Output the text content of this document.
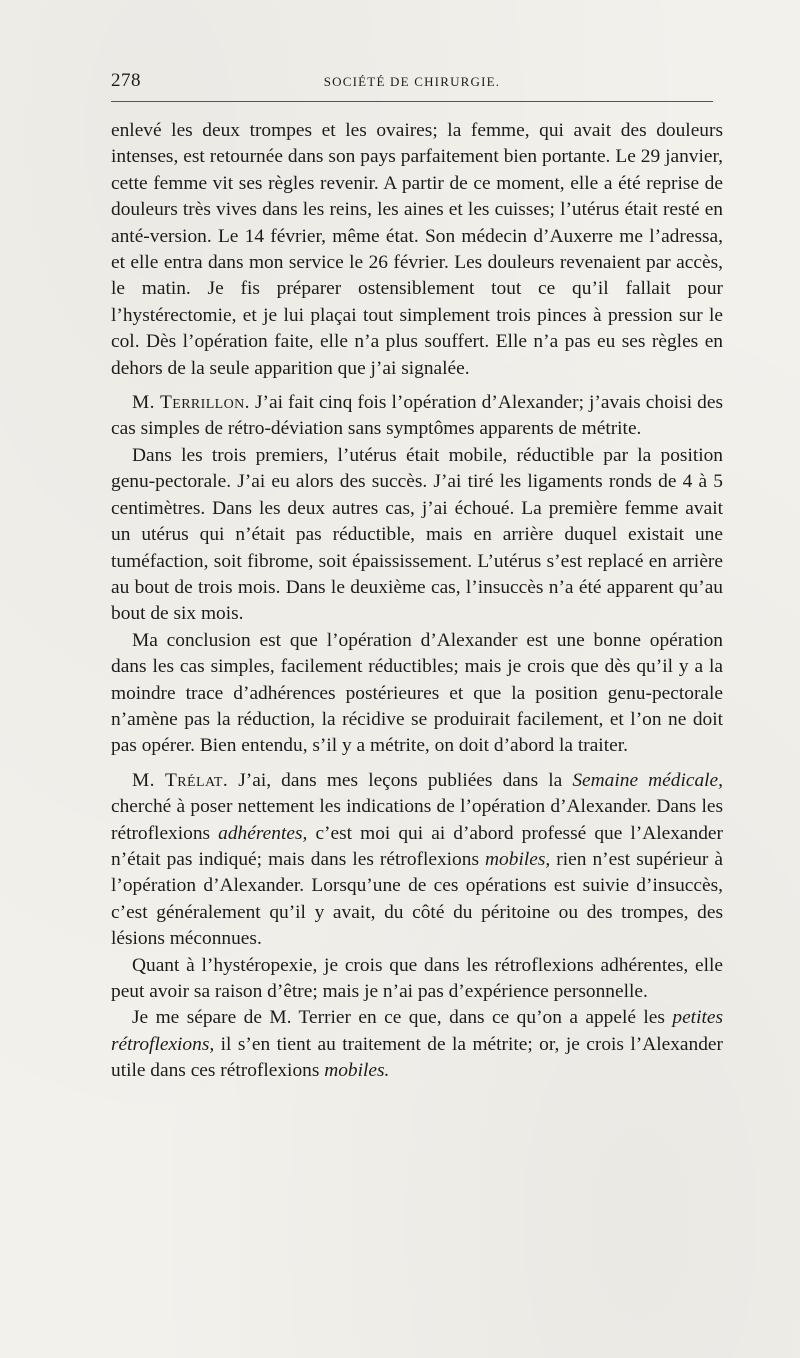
278	SOCIÉTÉ DE CHIRURGIE.

enlevé les deux trompes et les ovaires; la femme, qui avait des douleurs intenses, est retournée dans son pays parfaitement bien portante. Le 29 janvier, cette femme vit ses règles revenir. A partir de ce moment, elle a été reprise de douleurs très vives dans les reins, les aines et les cuisses; l’utérus était resté en anté-version. Le 14 février, même état. Son médecin d’Auxerre me l’adressa, et elle entra dans mon service le 26 février. Les douleurs revenaient par accès, le matin. Je fis préparer ostensiblement tout ce qu’il fallait pour l’hystérectomie, et je lui plaçai tout simplement trois pinces à pression sur le col. Dès l’opération faite, elle n’a plus souffert. Elle n’a pas eu ses règles en dehors de la seule apparition que j’ai signalée.

M. Terrillon. J’ai fait cinq fois l’opération d’Alexander; j’avais choisi des cas simples de rétro-déviation sans symptômes apparents de métrite.

Dans les trois premiers, l’utérus était mobile, réductible par la position genu-pectorale. J’ai eu alors des succès. J’ai tiré les ligaments ronds de 4 à 5 centimètres. Dans les deux autres cas, j’ai échoué. La première femme avait un utérus qui n’était pas réductible, mais en arrière duquel existait une tuméfaction, soit fibrome, soit épaississement. L’utérus s’est replacé en arrière au bout de trois mois. Dans le deuxième cas, l’insuccès n’a été apparent qu’au bout de six mois.

Ma conclusion est que l’opération d’Alexander est une bonne opération dans les cas simples, facilement réductibles; mais je crois que dès qu’il y a la moindre trace d’adhérences postérieures et que la position genu-pectorale n’amène pas la réduction, la récidive se produirait facilement, et l’on ne doit pas opérer. Bien entendu, s’il y a métrite, on doit d’abord la traiter.

M. Trélat. J’ai, dans mes leçons publiées dans la Semaine médicale, cherché à poser nettement les indications de l’opération d’Alexander. Dans les rétroflexions adhérentes, c’est moi qui ai d’abord professé que l’Alexander n’était pas indiqué; mais dans les rétroflexions mobiles, rien n’est supérieur à l’opération d’Alexander. Lorsqu’une de ces opérations est suivie d’insuccès, c’est généralement qu’il y avait, du côté du péritoine ou des trompes, des lésions méconnues.

Quant à l’hystéropexie, je crois que dans les rétroflexions adhérentes, elle peut avoir sa raison d’être; mais je n’ai pas d’expérience personnelle.

Je me sépare de M. Terrier en ce que, dans ce qu’on a appelé les petites rétroflexions, il s’en tient au traitement de la métrite; or, je crois l’Alexander utile dans ces rétroflexions mobiles.
